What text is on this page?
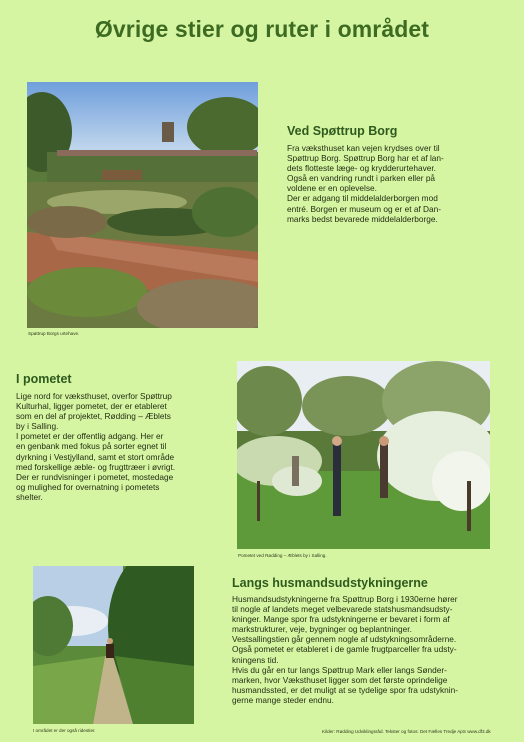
Øvrige stier og ruter i området
Spøttrup Borgs urtehave.
Ved Spøttrup Borg
Fra væksthuset kan vejen krydses over til
Spøttrup Borg. Spøttrup Borg har et af lan-
dets flotteste læge- og krydderurtehaver.
Også en vandring rundt i parken eller på
voldene er en oplevelse.
Der er adgang til middelalderborgen mod
entré. Borgen er museum og er et af Dan-
marks bedst bevarede middelalderborge.
I pometet
Lige nord for væksthuset, overfor Spøttrup
Kulturhal, ligger pometet, der er etableret
som en del af projektet, Rødding – Æblets
by i Salling.
I pometet er der offentlig adgang. Her er
en genbank med fokus på sorter egnet til
dyrkning i Vestjylland, samt et stort område
med forskellige æble- og frugttræer i øvrigt.
Der er rundvisninger i pometet, mostedage
og mulighed for overnatning i pometets
shelter.
Pometet ved Rødding – Æblets by i Salling.
I området er der også ridestier.
Langs husmandsudstykningerne
Husmandsudstykningerne fra Spøttrup Borg i 1930erne hører
til nogle af landets meget velbevarede statshusmandsudsty-
kninger. Mange spor fra udstykningerne er bevaret i form af
markstrukturer, veje, bygninger og beplantninger.
Vestsallingstien går gennem nogle af udstykningsområderne.
Også pometet er etableret i de gamle frugtparceller fra udsty-
kningens tid.
Hvis du går en tur langs Spøttrup Mark eller langs Sønder-
marken, hvor Væksthuset ligger som det første oprindelige
husmandssted, er det muligt at se tydelige spor fra udstyknin-
gerne mange steder endnu.
Kilder: Rødding Udviklingsråd. Tekster og fotos: Det Fælles Tredje ApS www.df3.dk
